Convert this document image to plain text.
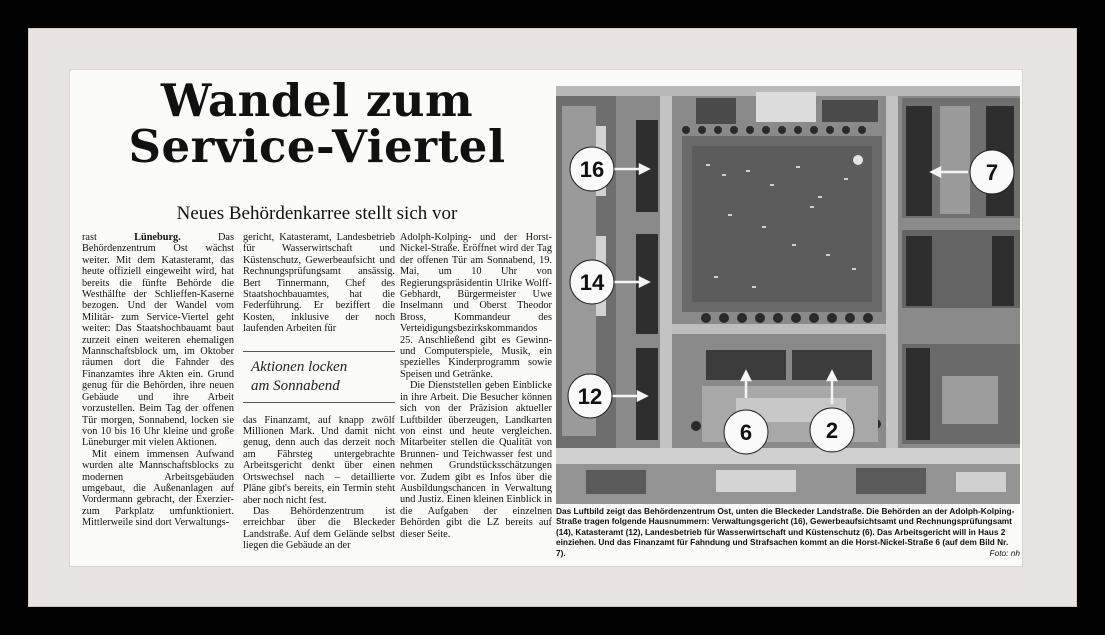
Wandel zum
Service-Viertel
Neues Behördenkarree stellt sich vor

rast Lüneburg. Das Behördenzentrum Ost wächst weiter. Mit dem Katasteramt, das heute offiziell eingeweiht wird, hat bereits die fünfte Behörde die Westhälfte der Schlieffen-Kaserne bezogen. Und der Wandel vom Militär- zum Service-Viertel geht weiter: Das Staatshochbauamt baut zurzeit einen weiteren ehemaligen Mannschaftsblock um, im Oktober räumen dort die Fahnder des Finanzamtes ihre Akten ein. Grund genug für die Behörden, ihre neuen Gebäude und ihre Arbeit vorzustellen. Beim Tag der offenen Tür morgen, Sonnabend, locken sie von 10 bis 16 Uhr kleine und große Lüneburger mit vielen Aktionen.

Mit einem immensen Aufwand wurden alte Mannschaftsblocks zu modernen Arbeitsgebäuden umgebaut, die Außenanlagen auf Vordermann gebracht, der Exerzier- zum Parkplatz umfunktioniert. Mittlerweile sind dort Verwaltungs-

gericht, Katasteramt, Landesbetrieb für Wasserwirtschaft und Küstenschutz, Gewerbeaufsicht und Rechnungsprüfungsamt ansässig. Bert Tinnermann, Chef des Staatshochbauamtes, hat die Federführung. Er beziffert die Kosten, inklusive der noch laufenden Arbeiten für

Aktionen locken
am Sonnabend

das Finanzamt, auf knapp zwölf Millionen Mark. Und damit nicht genug, denn auch das derzeit noch am Fährsteg untergebrachte Arbeitsgericht denkt über einen Ortswechsel nach – detaillierte Pläne gibt's bereits, ein Termin steht aber noch nicht fest.

Das Behördenzentrum ist erreichbar über die Bleckeder Landstraße. Auf dem Gelände selbst liegen die Gebäude an der

Adolph-Kolping- und der Horst-Nickel-Straße. Eröffnet wird der Tag der offenen Tür am Sonnabend, 19. Mai, um 10 Uhr von Regierungspräsidentin Ulrike Wolff-Gebhardt, Bürgermeister Uwe Inselmann und Oberst Theodor Bross, Kommandeur des Verteidigungsbezirkskommandos 25. Anschließend gibt es Gewinn- und Computerspiele, Musik, ein spezielles Kinderprogramm sowie Speisen und Getränke.

Die Dienststellen geben Einblicke in ihre Arbeit. Die Besucher können sich von der Präzision aktueller Luftbilder überzeugen, Landkarten von einst und heute vergleichen. Mitarbeiter stellen die Qualität von Brunnen- und Teichwasser fest und nehmen Grundstücksschätzungen vor. Zudem gibt es Infos über die Ausbildungschancen in Verwaltung und Justiz. Einen kleinen Einblick in die Aufgaben der einzelnen Behörden gibt die LZ bereits auf dieser Seite.

16	7
14
12
6	2
Das Luftbild zeigt das Behördenzentrum Ost, unten die Bleckeder Landstraße. Die Behörden an der Adolph-Kolping-Straße tragen folgende Hausnummern: Verwaltungsgericht (16), Gewerbeaufsichtsamt und Rechnungsprüfungsamt (14), Katasteramt (12), Landesbetrieb für Wasserwirtschaft und Küstenschutz (6). Das Arbeitsgericht will in Haus 2 einziehen. Und das Finanzamt für Fahndung und Strafsachen kommt an die Horst-Nickel-Straße 6 (auf dem Bild Nr. 7).	Foto: nh
